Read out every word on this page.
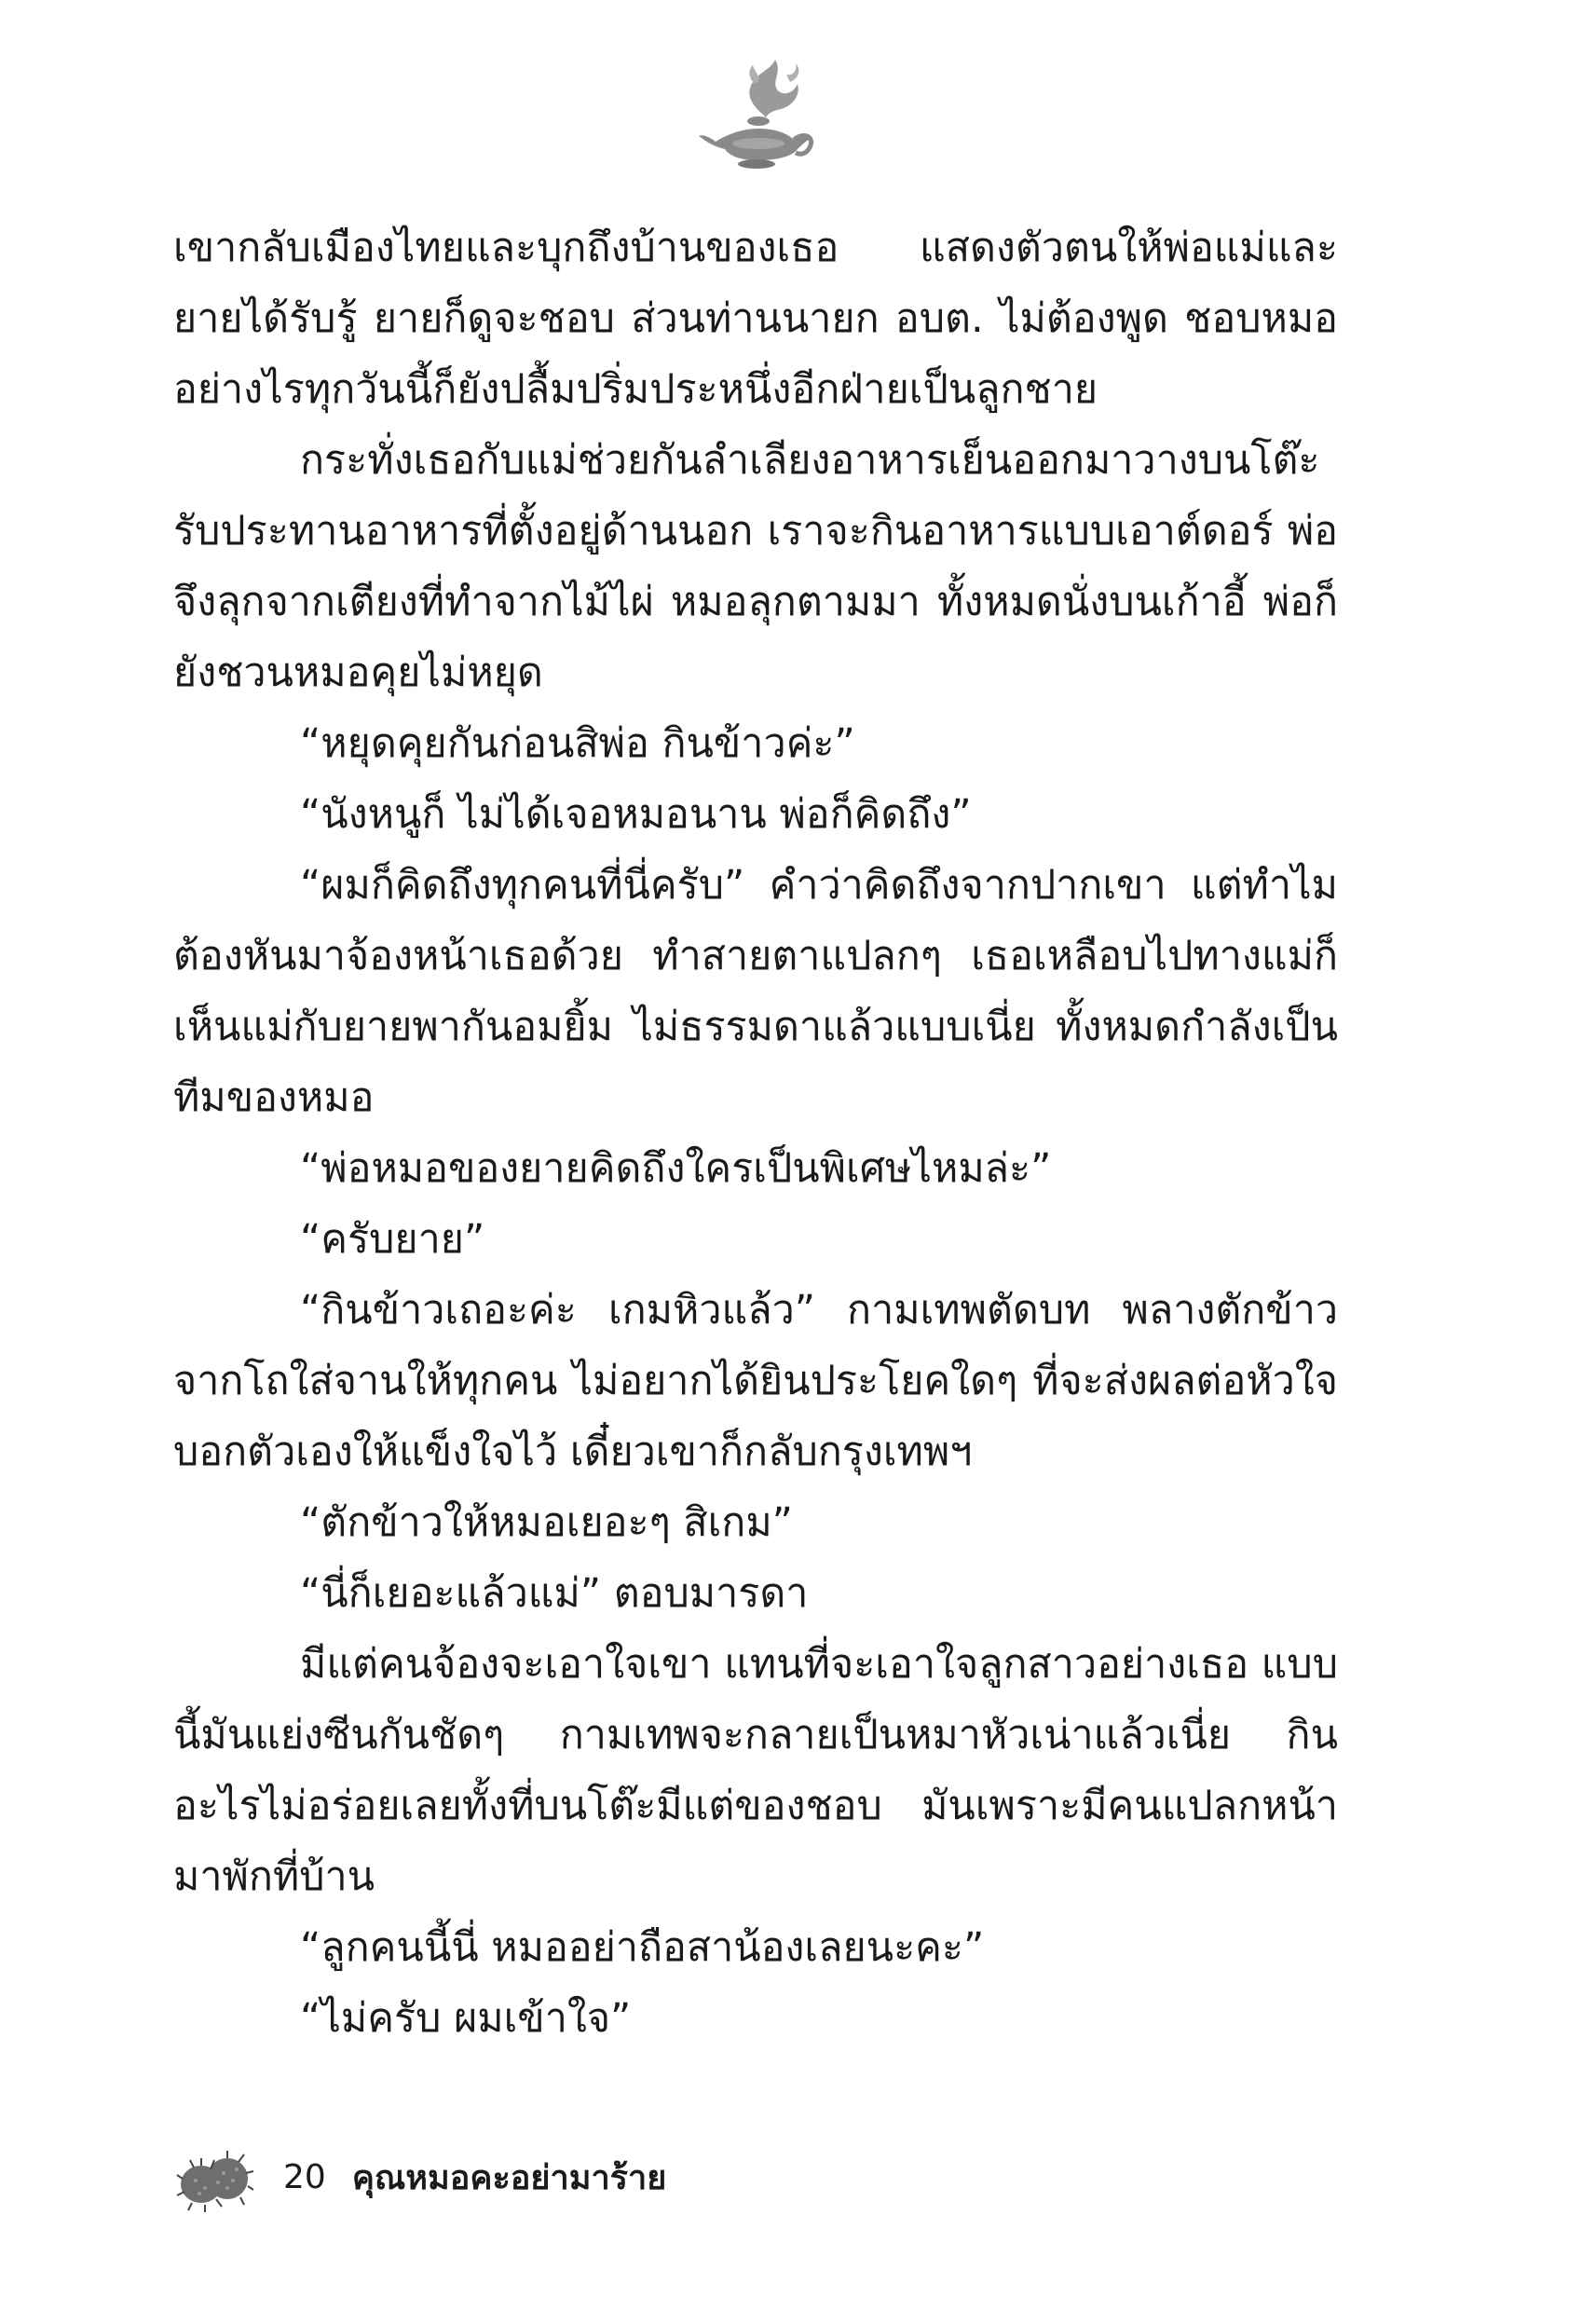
เขากลับเมืองไทยและบุกถึงบ้านของเธอ แสดงตัวตนให้พ่อแม่และยายได้รับรู้ ยายก็ดูจะชอบ ส่วนท่านนายก อบต. ไม่ต้องพูด ชอบหมออย่างไรทุกวันนี้ก็ยังปลื้มปริ่มประหนึ่งอีกฝ่ายเป็นลูกชาย

กระทั่งเธอกับแม่ช่วยกันลำเลียงอาหารเย็นออกมาวางบนโต๊ะรับประทานอาหารที่ตั้งอยู่ด้านนอก เราจะกินอาหารแบบเอาต์ดอร์ พ่อจึงลุกจากเตียงที่ทำจากไม้ไผ่ หมอลุกตามมา ทั้งหมดนั่งบนเก้าอี้ พ่อก็ยังชวนหมอคุยไม่หยุด

“หยุดคุยกันก่อนสิพ่อ กินข้าวค่ะ”

“นังหนูก็ ไม่ได้เจอหมอนาน พ่อก็คิดถึง”

“ผมก็คิดถึงทุกคนที่นี่ครับ” คำว่าคิดถึงจากปากเขา แต่ทำไมต้องหันมาจ้องหน้าเธอด้วย ทำสายตาแปลกๆ เธอเหลือบไปทางแม่ก็เห็นแม่กับยายพากันอมยิ้ม ไม่ธรรมดาแล้วแบบเนี่ย ทั้งหมดกำลังเป็นทีมของหมอ

“พ่อหมอของยายคิดถึงใครเป็นพิเศษไหมล่ะ”

“ครับยาย”

“กินข้าวเถอะค่ะ เกมหิวแล้ว” กามเทพตัดบท พลางตักข้าวจากโถใส่จานให้ทุกคน ไม่อยากได้ยินประโยคใดๆ ที่จะส่งผลต่อหัวใจ บอกตัวเองให้แข็งใจไว้ เดี๋ยวเขาก็กลับกรุงเทพฯ

“ตักข้าวให้หมอเยอะๆ สิเกม”

“นี่ก็เยอะแล้วแม่” ตอบมารดา

มีแต่คนจ้องจะเอาใจเขา แทนที่จะเอาใจลูกสาวอย่างเธอ แบบนี้มันแย่งซีนกันชัดๆ กามเทพจะกลายเป็นหมาหัวเน่าแล้วเนี่ย กินอะไรไม่อร่อยเลยทั้งที่บนโต๊ะมีแต่ของชอบ มันเพราะมีคนแปลกหน้ามาพักที่บ้าน

“ลูกคนนี้นี่ หมออย่าถือสาน้องเลยนะคะ”

“ไม่ครับ ผมเข้าใจ”

20 คุณหมอคะอย่ามาร้าย
